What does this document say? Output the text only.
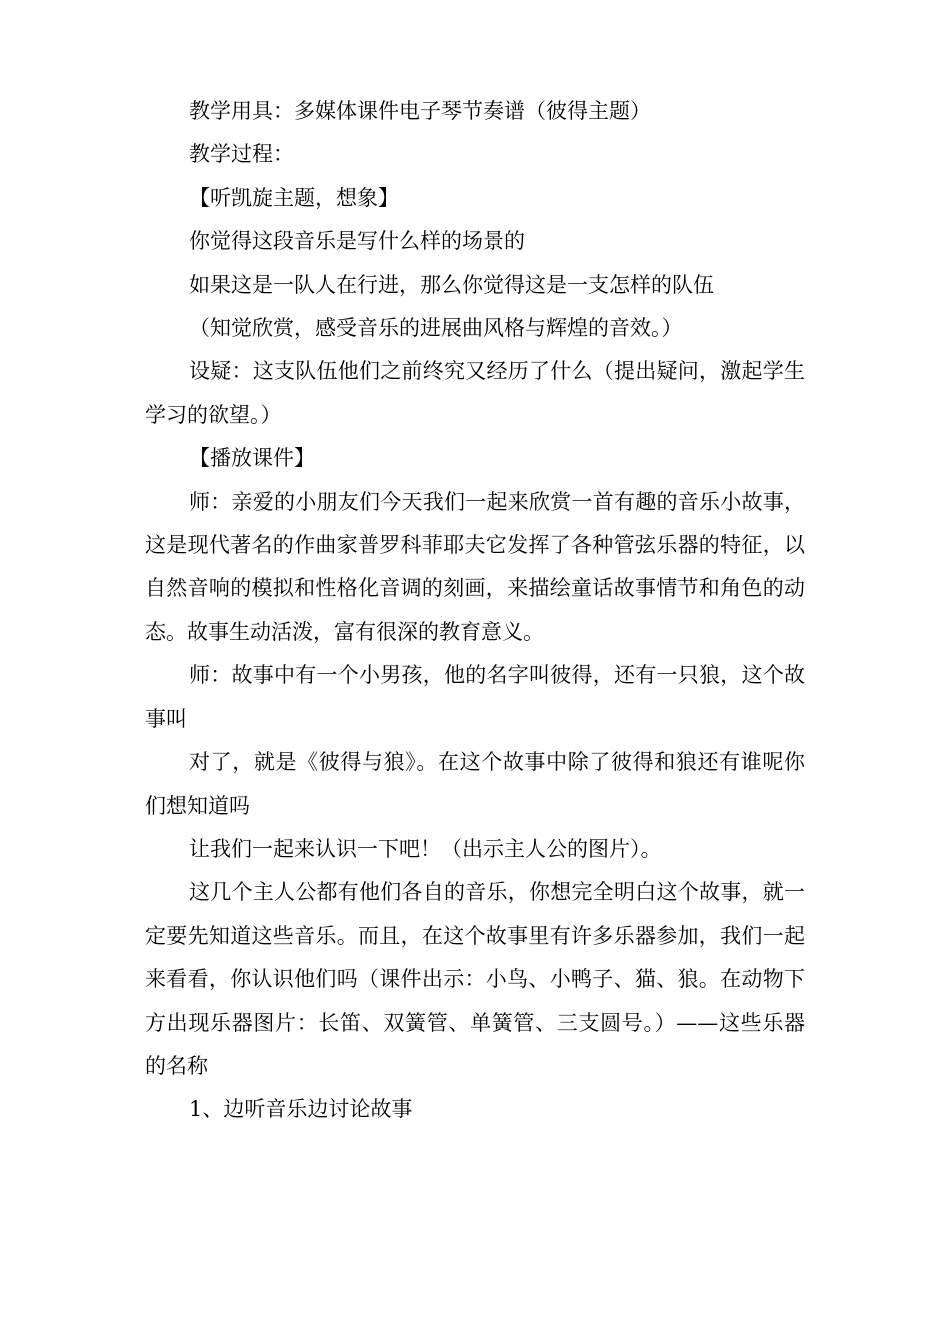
教学用具：多媒体课件电子琴节奏谱（彼得主题）

教学过程：

【听凯旋主题，想象】

你觉得这段音乐是写什么样的场景的

如果这是一队人在行进，那么你觉得这是一支怎样的队伍

（知觉欣赏，感受音乐的进展曲风格与辉煌的音效。）

设疑：这支队伍他们之前终究又经历了什么（提出疑问，激起学生学习的欲望。）

【播放课件】

师：亲爱的小朋友们今天我们一起来欣赏一首有趣的音乐小故事，这是现代著名的作曲家普罗科菲耶夫它发挥了各种管弦乐器的特征，以自然音响的模拟和性格化音调的刻画，来描绘童话故事情节和角色的动态。故事生动活泼，富有很深的教育意义。

师：故事中有一个小男孩，他的名字叫彼得，还有一只狼，这个故事叫

对了，就是《彼得与狼》。在这个故事中除了彼得和狼还有谁呢你们想知道吗

让我们一起来认识一下吧！（出示主人公的图片）。

这几个主人公都有他们各自的音乐，你想完全明白这个故事，就一定要先知道这些音乐。而且，在这个故事里有许多乐器参加，我们一起来看看，你认识他们吗（课件出示：小鸟、小鸭子、猫、狼。在动物下方出现乐器图片：长笛、双簧管、单簧管、三支圆号。）——这些乐器的名称

1、边听音乐边讨论故事
